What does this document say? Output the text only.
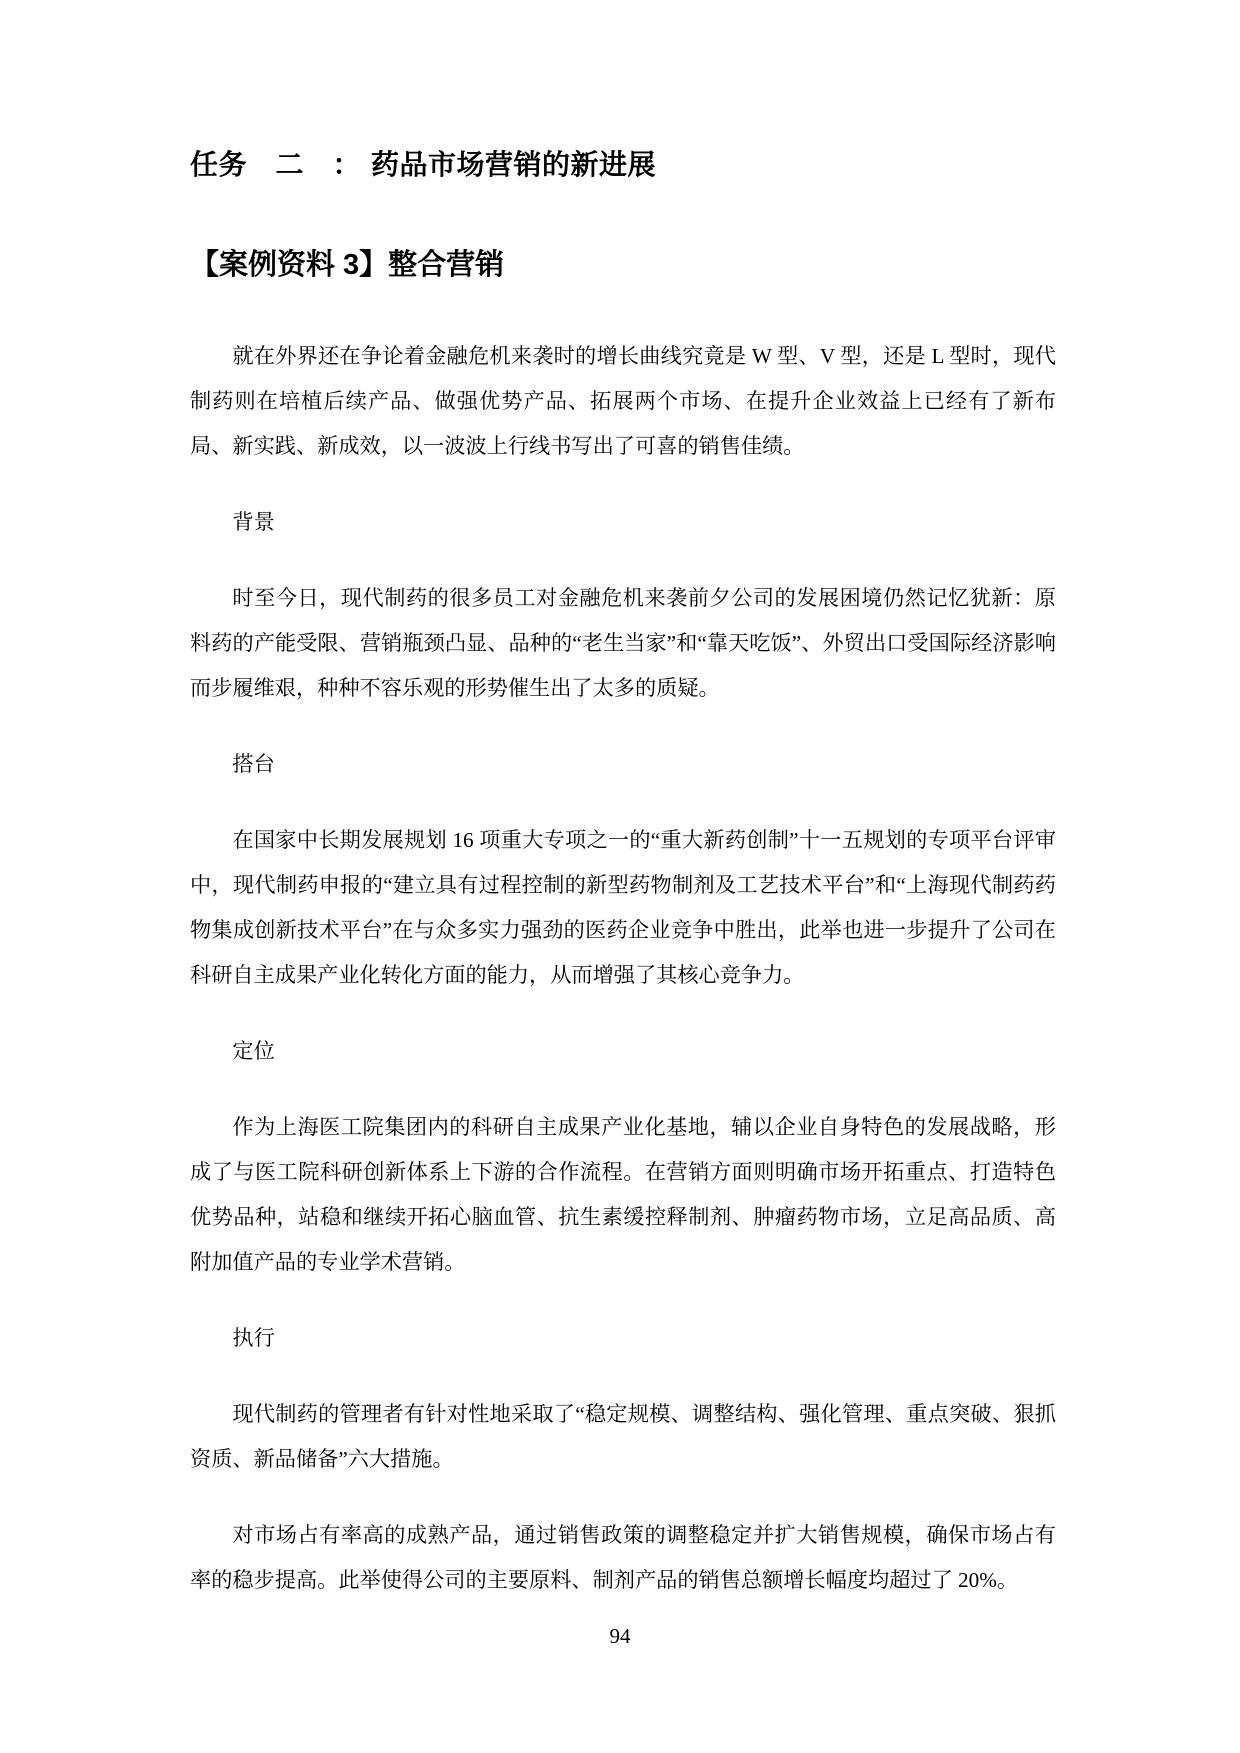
任务　二　： 药品市场营销的新进展
【案例资料 3】整合营销

就在外界还在争论着金融危机来袭时的增长曲线究竟是 W 型、V 型，还是 L 型时，现代制药则在培植后续产品、做强优势产品、拓展两个市场、在提升企业效益上已经有了新布局、新实践、新成效，以一波波上行线书写出了可喜的销售佳绩。

背景

时至今日，现代制药的很多员工对金融危机来袭前夕公司的发展困境仍然记忆犹新：原料药的产能受限、营销瓶颈凸显、品种的“老生当家”和“靠天吃饭”、外贸出口受国际经济影响而步履维艰，种种不容乐观的形势催生出了太多的质疑。

搭台

在国家中长期发展规划 16 项重大专项之一的“重大新药创制”十一五规划的专项平台评审中，现代制药申报的“建立具有过程控制的新型药物制剂及工艺技术平台”和“上海现代制药药物集成创新技术平台”在与众多实力强劲的医药企业竞争中胜出，此举也进一步提升了公司在科研自主成果产业化转化方面的能力，从而增强了其核心竞争力。

定位

作为上海医工院集团内的科研自主成果产业化基地，辅以企业自身特色的发展战略，形成了与医工院科研创新体系上下游的合作流程。在营销方面则明确市场开拓重点、打造特色优势品种，站稳和继续开拓心脑血管、抗生素缓控释制剂、肿瘤药物市场，立足高品质、高附加值产品的专业学术营销。

执行

现代制药的管理者有针对性地采取了“稳定规模、调整结构、强化管理、重点突破、狠抓资质、新品储备”六大措施。

对市场占有率高的成熟产品，通过销售政策的调整稳定并扩大销售规模，确保市场占有率的稳步提高。此举使得公司的主要原料、制剂产品的销售总额增长幅度均超过了 20%。

94
